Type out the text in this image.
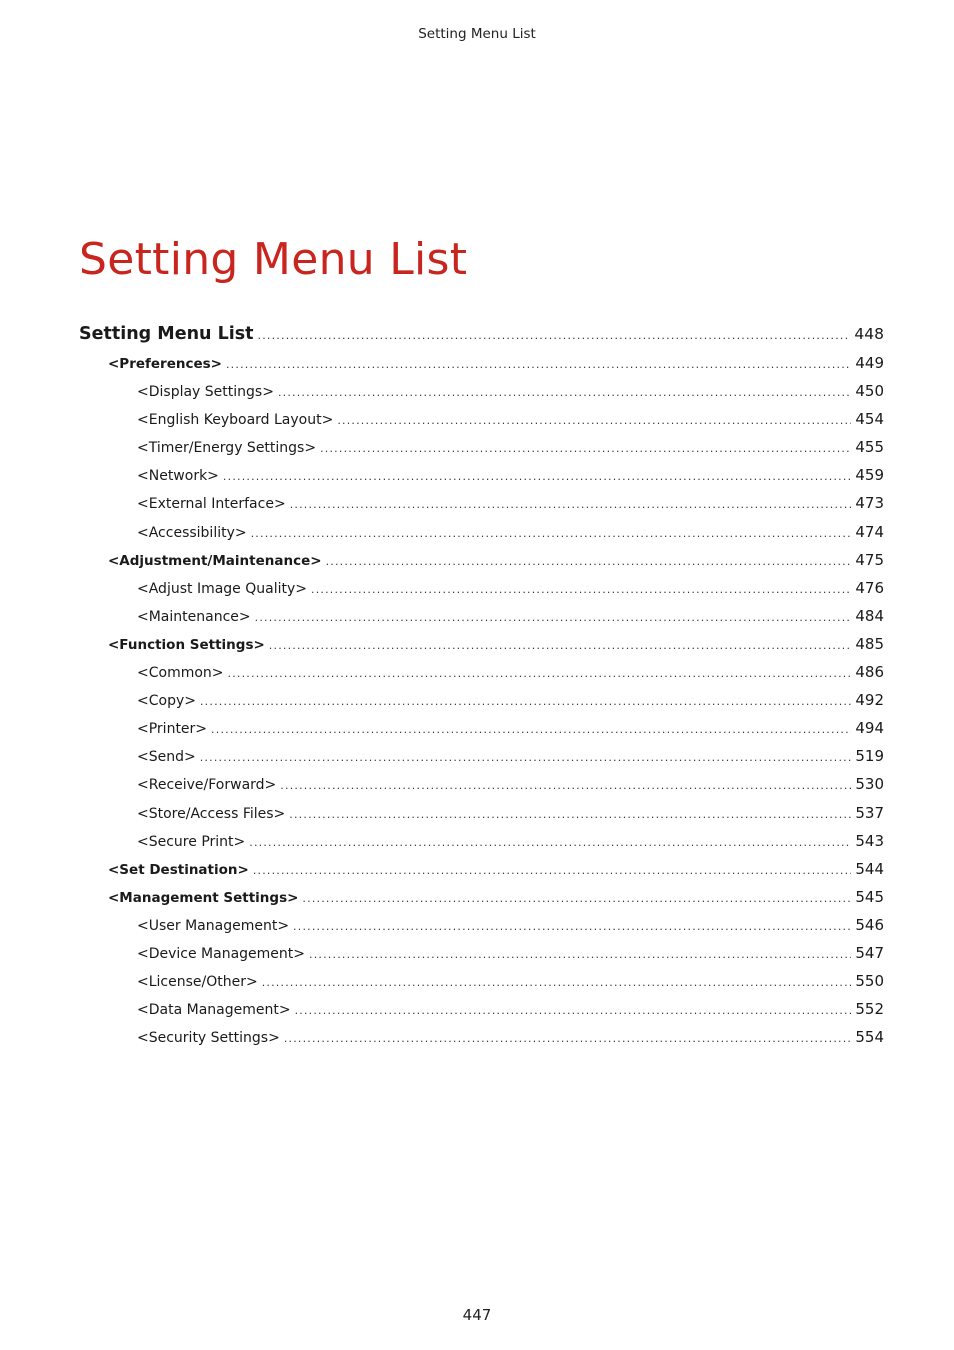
Setting Menu List
Setting Menu List
Setting Menu List .....	448
<Preferences> .....	449
<Display Settings> .....	450
<English Keyboard Layout> .....	454
<Timer/Energy Settings> .....	455
<Network> .....	459
<External Interface> .....	473
<Accessibility> .....	474
<Adjustment/Maintenance> .....	475
<Adjust Image Quality> .....	476
<Maintenance> .....	484
<Function Settings> .....	485
<Common> .....	486
<Copy> .....	492
<Printer> .....	494
<Send> .....	519
<Receive/Forward> .....	530
<Store/Access Files> .....	537
<Secure Print> .....	543
<Set Destination> .....	544
<Management Settings> .....	545
<User Management> .....	546
<Device Management> .....	547
<License/Other> .....	550
<Data Management> .....	552
<Security Settings> .....	554
447
